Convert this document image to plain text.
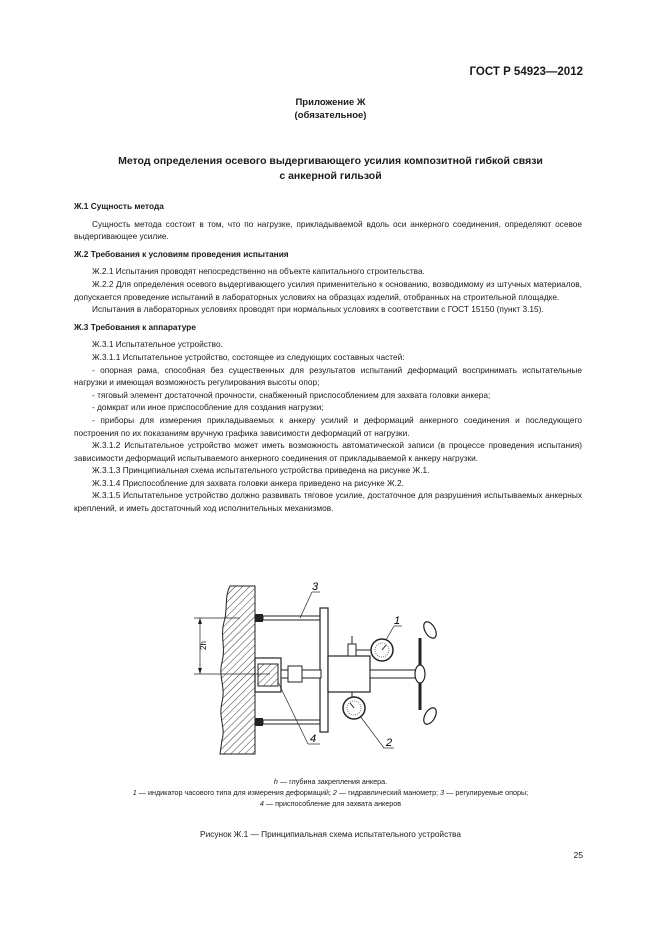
ГОСТ Р 54923—2012
Приложение Ж
(обязательное)
Метод определения осевого выдергивающего усилия композитной гибкой связи
с анкерной гильзой
Ж.1 Сущность метода

Сущность метода состоит в том, что по нагрузке, прикладываемой вдоль оси анкерного соединения, определяют осевое выдергивающее усилие.

Ж.2 Требования к условиям проведения испытания

Ж.2.1 Испытания проводят непосредственно на объекте капитального строительства.

Ж.2.2 Для определения осевого выдергивающего усилия применительно к основанию, возводимому из штучных материалов, допускается проведение испытаний в лабораторных условиях на образцах изделий, отобранных на строительной площадке.

Испытания в лабораторных условиях проводят при нормальных условиях в соответствии с ГОСТ 15150 (пункт 3.15).

Ж.3 Требования к аппаратуре

Ж.3.1 Испытательное устройство.

Ж.3.1.1 Испытательное устройство, состоящее из следующих составных частей:

- опорная рама, способная без существенных для результатов испытаний деформаций воспринимать испытательные нагрузки и имеющая возможность регулирования высоты опор;

- тяговый элемент достаточной прочности, снабженный приспособлением для захвата головки анкера;

- домкрат или иное приспособление для создания нагрузки;

- приборы для измерения прикладываемых к анкеру усилий и деформаций анкерного соединения и последующего построения по их показаниям вручную графика зависимости деформаций от нагрузки.

Ж.3.1.2 Испытательное устройство может иметь возможность автоматической записи (в процессе проведения испытания) зависимости деформаций испытываемого анкерного соединения от прикладываемой к анкеру нагрузки.

Ж.3.1.3 Принципиальная схема испытательного устройства приведена на рисунке Ж.1.

Ж.3.1.4 Приспособление для захвата головки анкера приведено на рисунке Ж.2.

Ж.3.1.5 Испытательное устройство должно развивать тяговое усилие, достаточное для разрушения испытываемых анкерных креплений, и иметь достаточный ход исполнительных механизмов.

2h
3
1
2
4
h — глубина закрепления анкера.
1 — индикатор часового типа для измерения деформаций; 2 — гидравлический манометр; 3 — регулируемые опоры;
4 — приспособление для захвата анкеров
Рисунок Ж.1 — Принципиальная схема испытательного устройства
25
